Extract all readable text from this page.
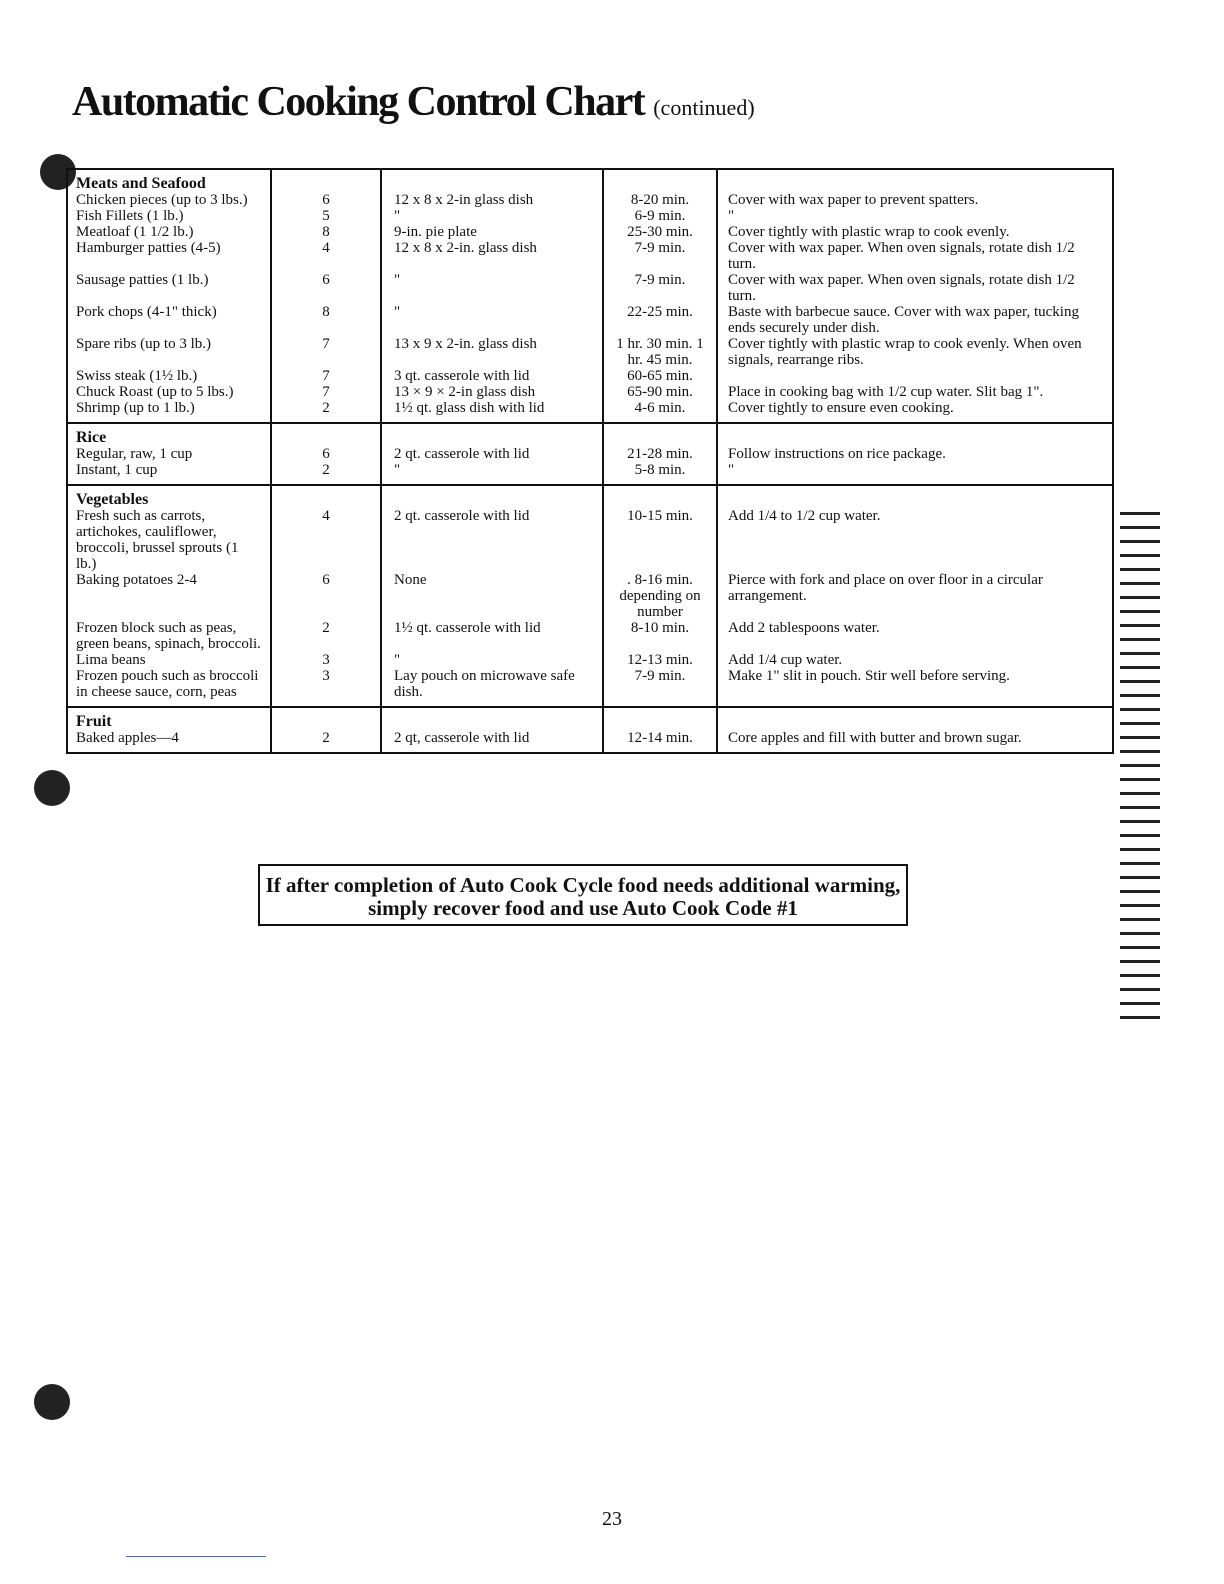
Automatic Cooking Control Chart (continued)
Meats and Seafood				
Chicken pieces (up to 3 lbs.)	6	12 x 8 x 2-in glass dish	8-20 min.	Cover with wax paper to prevent spatters.
Fish Fillets (1 lb.)	5	"	6-9 min.	"
Meatloaf (1 1/2 lb.)	8	9-in. pie plate	25-30 min.	Cover tightly with plastic wrap to cook evenly.
Hamburger patties (4-5)	4	12 x 8 x 2-in. glass dish	7-9 min.	Cover with wax paper. When oven signals, rotate dish 1/2 turn.
Sausage patties (1 lb.)	6	"	7-9 min.	Cover with wax paper. When oven signals, rotate dish 1/2 turn.
Pork chops (4-1" thick)	8	"	22-25 min.	Baste with barbecue sauce. Cover with wax paper, tucking ends securely under dish.
Spare ribs (up to 3 lb.)	7	13 x 9 x 2-in. glass dish	1 hr. 30 min. 1 hr. 45 min.	Cover tightly with plastic wrap to cook evenly. When oven signals, rearrange ribs.
Swiss steak (1½ lb.)	7	3 qt. casserole with lid	60-65 min.	
Chuck Roast (up to 5 lbs.)	7	13 × 9 × 2-in glass dish	65-90 min.	Place in cooking bag with 1/2 cup water. Slit bag 1".
Shrimp (up to 1 lb.)	2	1½ qt. glass dish with lid	4-6 min.	Cover tightly to ensure even cooking.
Rice				
Regular, raw, 1 cup	6	2 qt. casserole with lid	21-28 min.	Follow instructions on rice package.
Instant, 1 cup	2	"	5-8 min.	"
Vegetables				
Fresh such as carrots, artichokes, cauliflower, broccoli, brussel sprouts (1 lb.)	4	2 qt. casserole with lid	10-15 min.	Add 1/4 to 1/2 cup water.
Baking potatoes 2-4	6	None	. 8-16 min. depending on number	Pierce with fork and place on over floor in a circular arrangement.
Frozen block such as peas, green beans, spinach, broccoli.	2	1½ qt. casserole with lid	8-10 min.	Add 2 tablespoons water.
Lima beans	3	"	12-13 min.	Add 1/4 cup water.
Frozen pouch such as broccoli in cheese sauce, corn, peas	3	Lay pouch on microwave safe dish.	7-9 min.	Make 1" slit in pouch. Stir well before serving.
Fruit				
Baked apples—4	2	2 qt, casserole with lid	12-14 min.	Core apples and fill with butter and brown sugar.
If after completion of Auto Cook Cycle food needs additional warming,
simply recover food and use Auto Cook Code #1
23
